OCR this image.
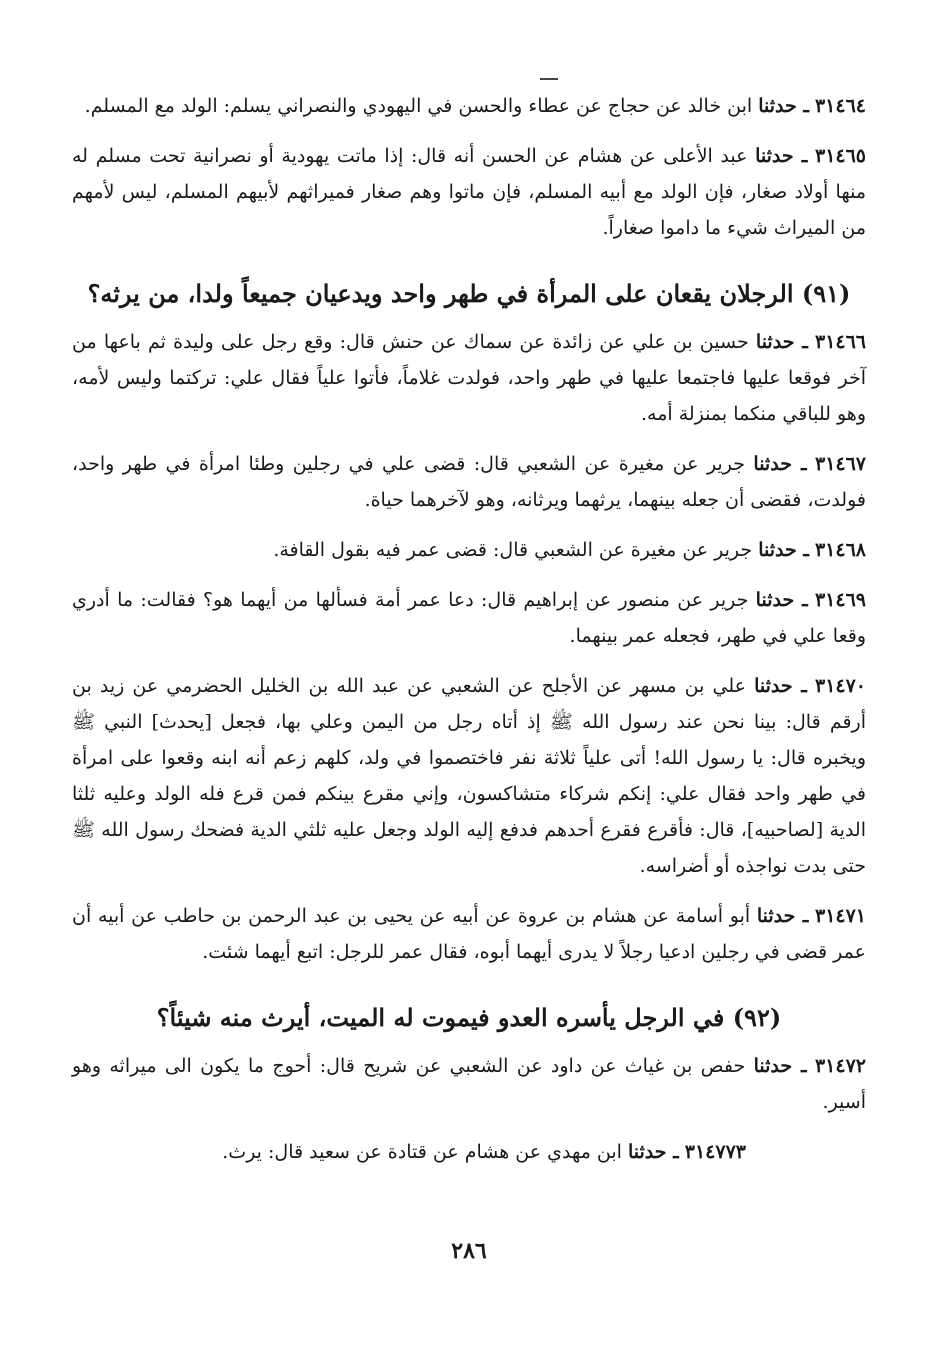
٣١٤٦٤ ـ حدثنا ابن خالد عن حجاج عن عطاء والحسن في اليهودي والنصراني يسلم: الولد مع المسلم.

٣١٤٦٥ ـ حدثنا عبد الأعلى عن هشام عن الحسن أنه قال: إذا ماتت يهودية أو نصرانية تحت مسلم له منها أولاد صغار، فإن الولد مع أبيه المسلم، فإن ماتوا وهم صغار فميراثهم لأبيهم المسلم، ليس لأمهم من الميراث شيء ما داموا صغاراً.

(٩١) الرجلان يقعان على المرأة في طهر واحد ويدعيان جميعاً ولدا، من يرثه؟

٣١٤٦٦ ـ حدثنا حسين بن علي عن زائدة عن سماك عن حنش قال: وقع رجل على وليدة ثم باعها من آخر فوقعا عليها فاجتمعا عليها في طهر واحد، فولدت غلاماً، فأتوا علياً فقال علي: تركتما وليس لأمه، وهو للباقي منكما بمنزلة أمه.

٣١٤٦٧ ـ حدثنا جرير عن مغيرة عن الشعبي قال: قضى علي في رجلين وطئا امرأة في طهر واحد، فولدت، فقضى أن جعله بينهما، يرثهما ويرثانه، وهو لآخرهما حياة.

٣١٤٦٨ ـ حدثنا جرير عن مغيرة عن الشعبي قال: قضى عمر فيه بقول القافة.

٣١٤٦٩ ـ حدثنا جرير عن منصور عن إبراهيم قال: دعا عمر أمة فسألها من أيهما هو؟ فقالت: ما أدري وقعا علي في طهر، فجعله عمر بينهما.

٣١٤٧٠ ـ حدثنا علي بن مسهر عن الأجلح عن الشعبي عن عبد الله بن الخليل الحضرمي عن زيد بن أرقم قال: بينا نحن عند رسول الله ﷺ إذ أتاه رجل من اليمن وعلي بها، فجعل [يحدث] النبي ﷺ ويخبره قال: يا رسول الله! أتى علياً ثلاثة نفر فاختصموا في ولد، كلهم زعم أنه ابنه وقعوا على امرأة في طهر واحد فقال علي: إنكم شركاء متشاكسون، وإني مقرع بينكم فمن قرع فله الولد وعليه ثلثا الدية [لصاحبيه]، قال: فأقرع فقرع أحدهم فدفع إليه الولد وجعل عليه ثلثي الدية فضحك رسول الله ﷺ حتى بدت نواجذه أو أضراسه.

٣١٤٧١ ـ حدثنا أبو أسامة عن هشام بن عروة عن أبيه عن يحيى بن عبد الرحمن بن حاطب عن أبيه أن عمر قضى في رجلين ادعيا رجلاً لا يدرى أيهما أبوه، فقال عمر للرجل: اتبع أيهما شئت.

(٩٢) في الرجل يأسره العدو فيموت له الميت، أيرث منه شيئاً؟

٣١٤٧٢ ـ حدثنا حفص بن غياث عن داود عن الشعبي عن شريح قال: أحوج ما يكون الى ميراثه وهو أسير.

٣١٤٧٧٣ ـ حدثنا ابن مهدي عن هشام عن قتادة عن سعيد قال: يرث.

٢٨٦
